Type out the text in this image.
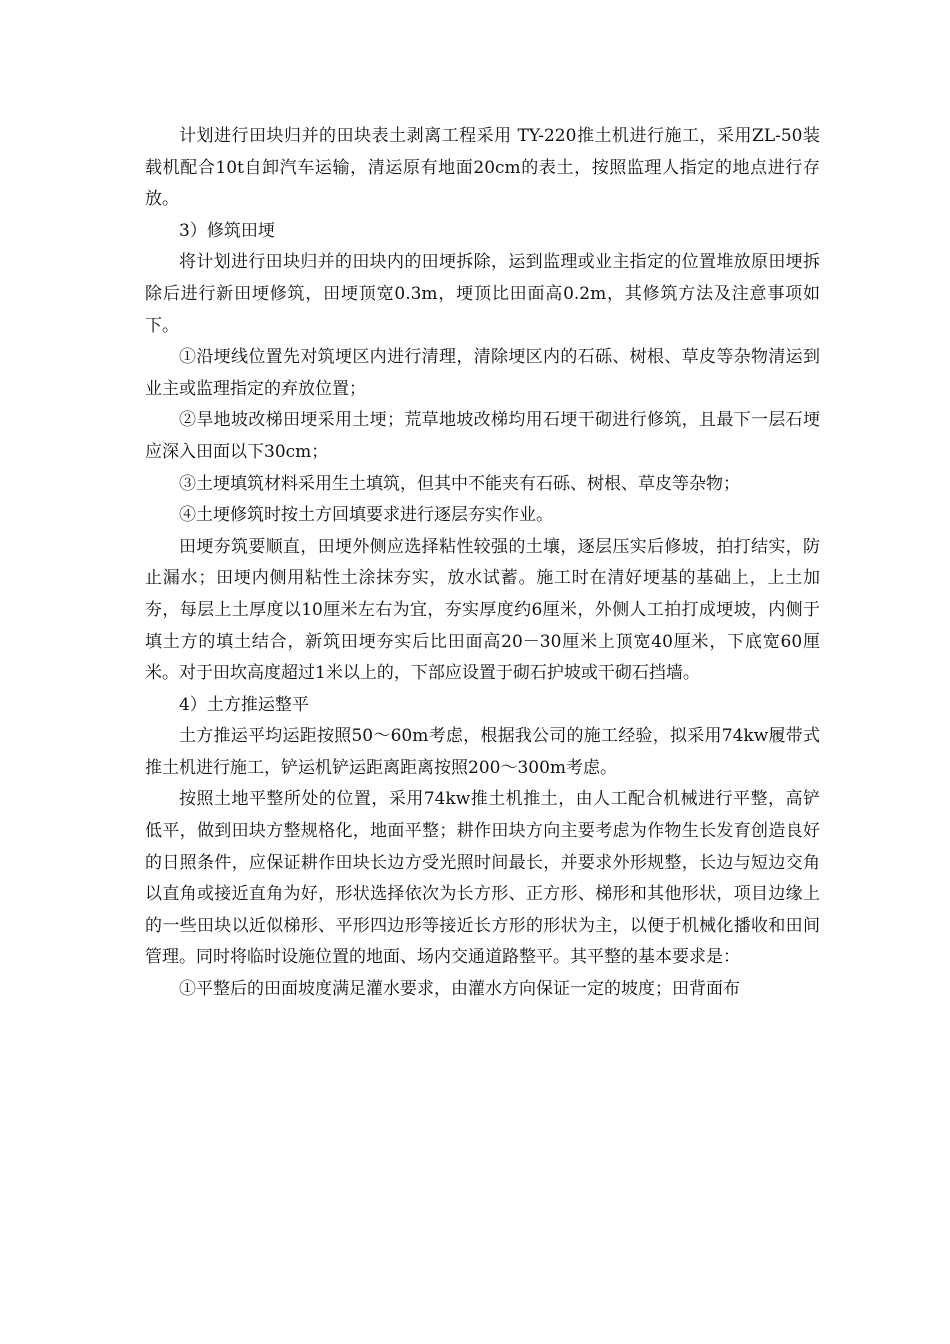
计划进行田块归并的田块表土剥离工程采用 TY-220推土机进行施工，采用ZL-50装载机配合10t自卸汽车运输，清运原有地面20cm的表土，按照监理人指定的地点进行存放。

3）修筑田埂

将计划进行田块归并的田块内的田埂拆除，运到监理或业主指定的位置堆放原田埂拆除后进行新田埂修筑，田埂顶宽0.3m，埂顶比田面高0.2m，其修筑方法及注意事项如下。

①沿埂线位置先对筑埂区内进行清理，清除埂区内的石砾、树根、草皮等杂物清运到业主或监理指定的弃放位置；

②旱地坡改梯田埂采用土埂；荒草地坡改梯均用石埂干砌进行修筑，且最下一层石埂应深入田面以下30cm；

③土埂填筑材料采用生土填筑，但其中不能夹有石砾、树根、草皮等杂物；

④土埂修筑时按土方回填要求进行逐层夯实作业。

田埂夯筑要顺直，田埂外侧应选择粘性较强的土壤，逐层压实后修坡，拍打结实，防止漏水；田埂内侧用粘性土涂抹夯实，放水试蓄。施工时在清好埂基的基础上，上土加夯，每层上土厚度以10厘米左右为宜，夯实厚度约6厘米，外侧人工拍打成埂坡，内侧于填土方的填土结合，新筑田埂夯实后比田面高20－30厘米上顶宽40厘米，下底宽60厘米。对于田坎高度超过1米以上的，下部应设置于砌石护坡或干砌石挡墙。

4）土方推运整平

土方推运平均运距按照50～60m考虑，根据我公司的施工经验，拟采用74kw履带式推土机进行施工，铲运机铲运距离距离按照200～300m考虑。

按照土地平整所处的位置，采用74kw推土机推土，由人工配合机械进行平整，高铲低平，做到田块方整规格化，地面平整；耕作田块方向主要考虑为作物生长发育创造良好的日照条件，应保证耕作田块长边方受光照时间最长，并要求外形规整，长边与短边交角以直角或接近直角为好，形状选择依次为长方形、正方形、梯形和其他形状，项目边缘上的一些田块以近似梯形、平形四边形等接近长方形的形状为主，以便于机械化播收和田间管理。同时将临时设施位置的地面、场内交通道路整平。其平整的基本要求是：

①平整后的田面坡度满足灌水要求，由灌水方向保证一定的坡度；田背面布
